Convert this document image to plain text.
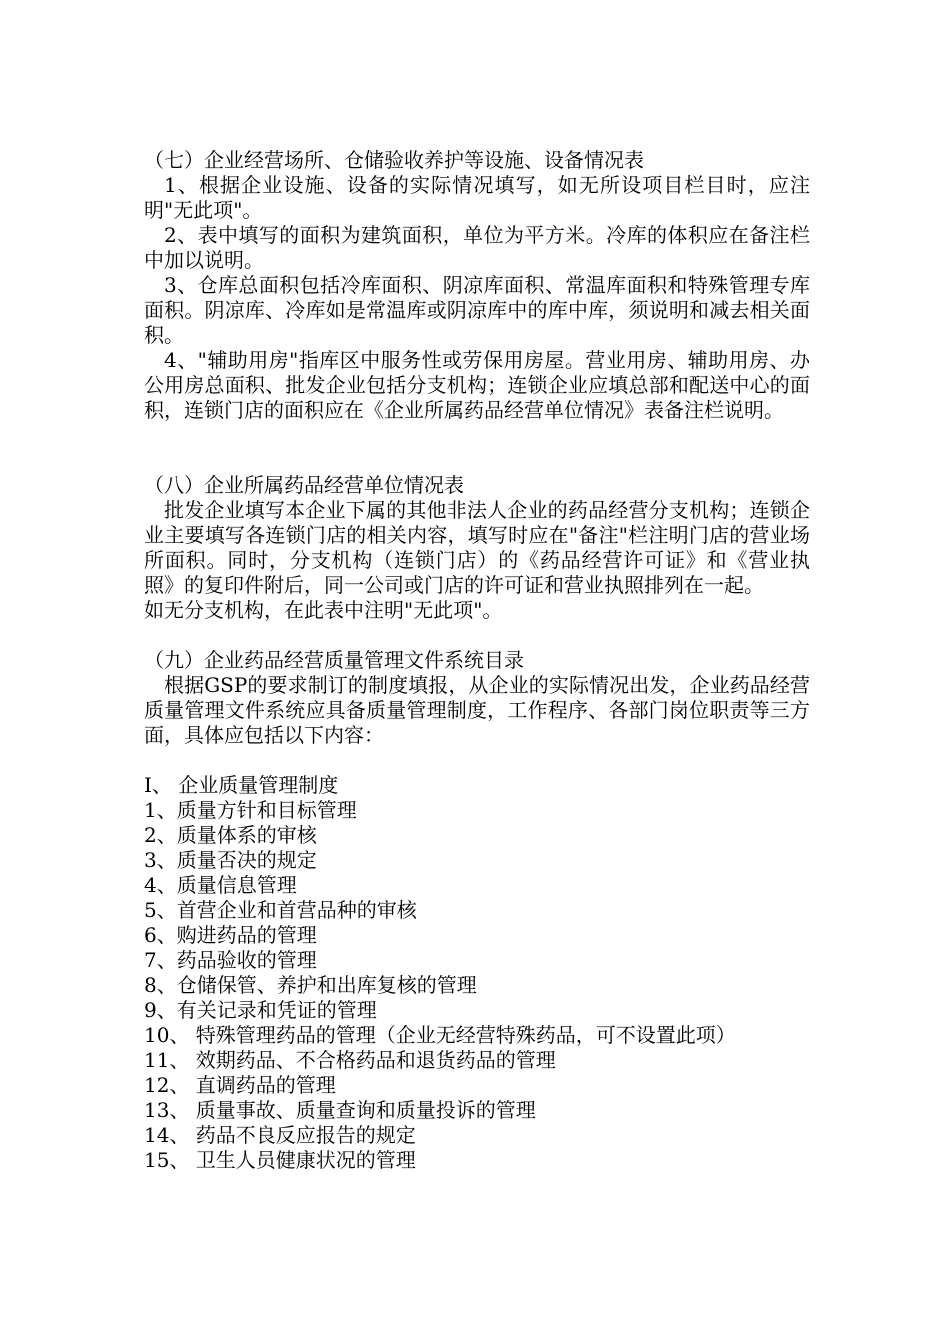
（七）企业经营场所、仓储验收养护等设施、设备情况表

1、根据企业设施、设备的实际情况填写，如无所设项目栏目时，应注明"无此项"。

2、表中填写的面积为建筑面积，单位为平方米。冷库的体积应在备注栏中加以说明。

3、仓库总面积包括冷库面积、阴凉库面积、常温库面积和特殊管理专库面积。阴凉库、冷库如是常温库或阴凉库中的库中库，须说明和减去相关面积。

4、"辅助用房"指库区中服务性或劳保用房屋。营业用房、辅助用房、办公用房总面积、批发企业包括分支机构；连锁企业应填总部和配送中心的面积，连锁门店的面积应在《企业所属药品经营单位情况》表备注栏说明。

（八）企业所属药品经营单位情况表

批发企业填写本企业下属的其他非法人企业的药品经营分支机构；连锁企业主要填写各连锁门店的相关内容，填写时应在"备注"栏注明门店的营业场所面积。同时，分支机构（连锁门店）的《药品经营许可证》和《营业执照》的复印件附后，同一公司或门店的许可证和营业执照排列在一起。

如无分支机构，在此表中注明"无此项"。

（九）企业药品经营质量管理文件系统目录

根据GSP的要求制订的制度填报，从企业的实际情况出发，企业药品经营质量管理文件系统应具备质量管理制度，工作程序、各部门岗位职责等三方面，具体应包括以下内容：

I、 企业质量管理制度

1、质量方针和目标管理
2、质量体系的审核
3、质量否决的规定
4、质量信息管理
5、首营企业和首营品种的审核
6、购进药品的管理
7、药品验收的管理
8、仓储保管、养护和出库复核的管理
9、有关记录和凭证的管理
10、 特殊管理药品的管理（企业无经营特殊药品，可不设置此项）
11、 效期药品、不合格药品和退货药品的管理
12、 直调药品的管理
13、 质量事故、质量查询和质量投诉的管理
14、 药品不良反应报告的规定
15、 卫生人员健康状况的管理
